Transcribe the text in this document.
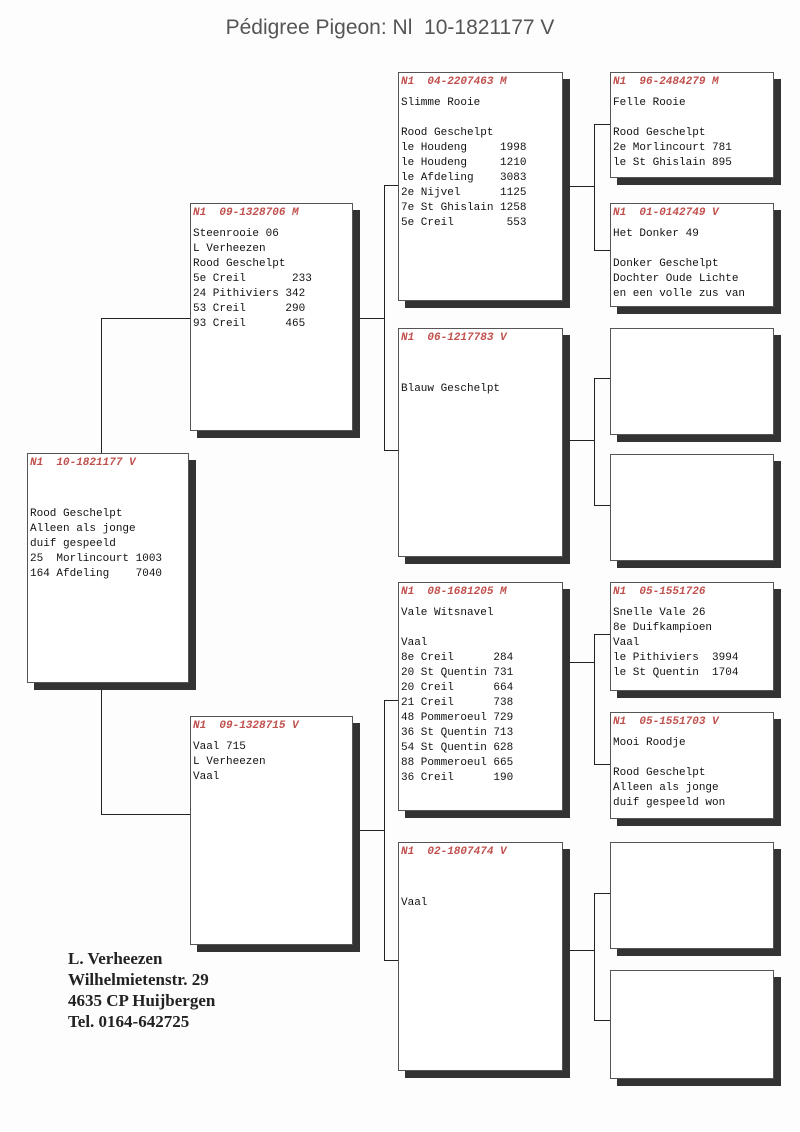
Pédigree Pigeon: Nl  10-1821177 V
N1  10-1821177 V
Rood Geschelpt
Alleen als jonge
duif gespeeld
25  Morlincourt 1003
164 Afdeling    7040
N1  09-1328706 M
Steenrooie 06
L Verheezen
Rood Geschelpt
5e Creil       233
24 Pithiviers 342
53 Creil      290
93 Creil      465
N1  09-1328715 V
Vaal 715
L Verheezen
Vaal
N1  04-2207463 M
Slimme Rooie
Rood Geschelpt
le Houdeng     1998
le Houdeng     1210
le Afdeling    3083
2e Nijvel      1125
7e St Ghislain 1258
5e Creil        553
N1  06-1217783 V
Blauw Geschelpt
N1  08-1681205 M
Vale Witsnavel
Vaal
8e Creil      284
20 St Quentin 731
20 Creil      664
21 Creil      738
48 Pommeroeul 729
36 St Quentin 713
54 St Quentin 628
88 Pommeroeul 665
36 Creil      190
N1  02-1807474 V
Vaal
N1  96-2484279 M
Felle Rooie
Rood Geschelpt
2e Morlincourt 781
le St Ghislain 895
N1  01-0142749 V
Het Donker 49
Donker Geschelpt
Dochter Oude Lichte
en een volle zus van
N1  05-1551726
Snelle Vale 26
8e Duifkampioen
Vaal
le Pithiviers  3994
le St Quentin  1704
N1  05-1551703 V
Mooi Roodje
Rood Geschelpt
Alleen als jonge
duif gespeeld won
L. Verheezen
Wilhelmietenstr. 29
4635 CP Huijbergen
Tel. 0164-642725
